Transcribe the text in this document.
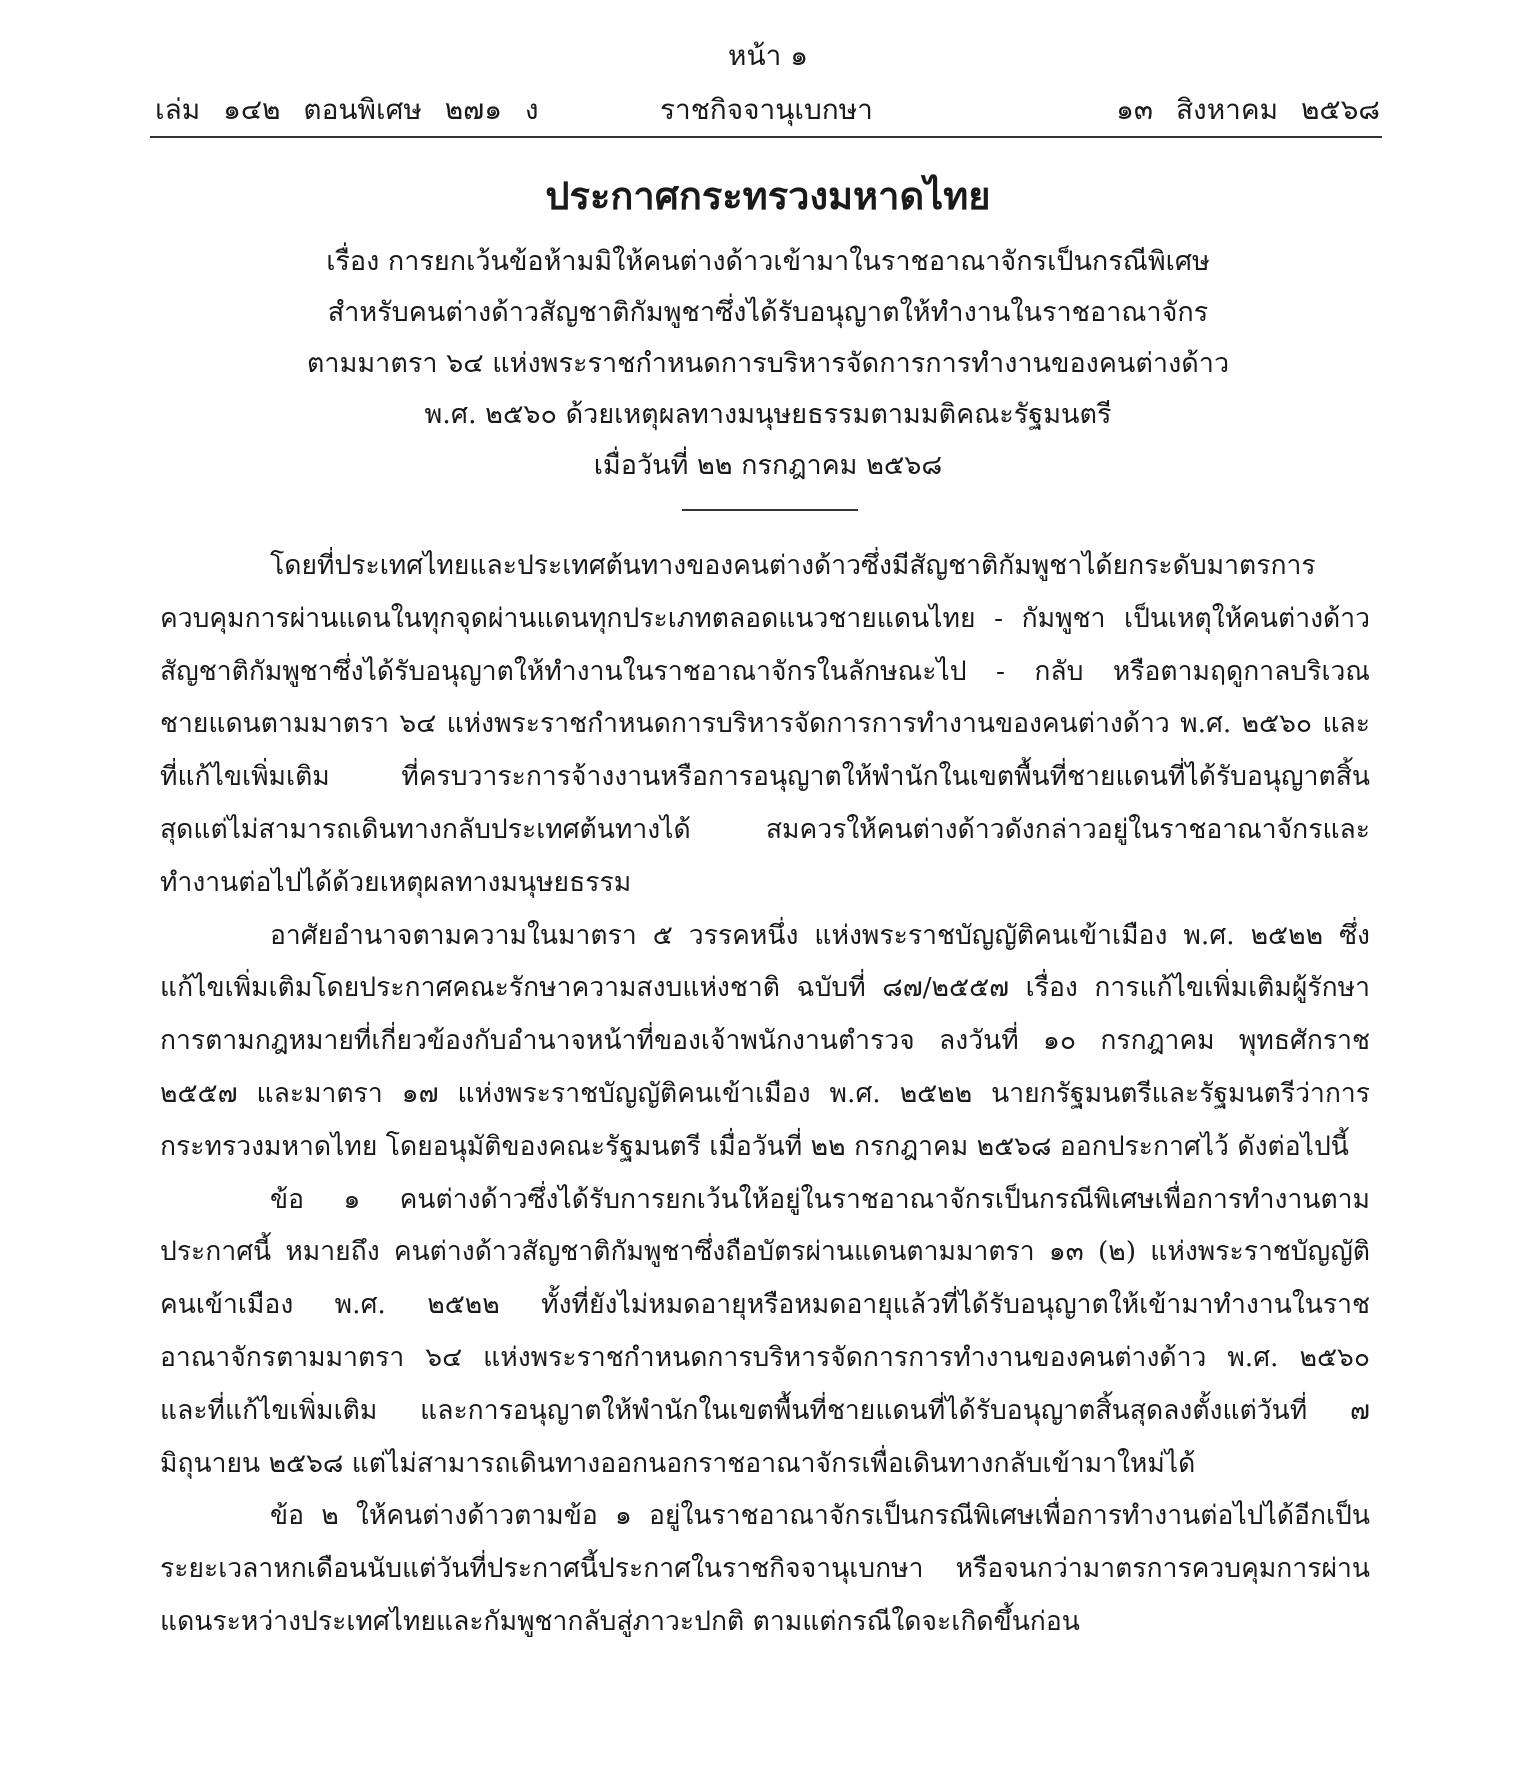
หน้า ๑
เล่ม ๑๔๒ ตอนพิเศษ ๒๗๑ ง	ราชกิจจานุเบกษา	๑๓ สิงหาคม ๒๕๖๘
ประกาศกระทรวงมหาดไทย
เรื่อง การยกเว้นข้อห้ามมิให้คนต่างด้าวเข้ามาในราชอาณาจักรเป็นกรณีพิเศษ
สำหรับคนต่างด้าวสัญชาติกัมพูชาซึ่งได้รับอนุญาตให้ทำงานในราชอาณาจักร
ตามมาตรา ๖๔ แห่งพระราชกำหนดการบริหารจัดการการทำงานของคนต่างด้าว
พ.ศ. ๒๕๖๐ ด้วยเหตุผลทางมนุษยธรรมตามมติคณะรัฐมนตรี
เมื่อวันที่ ๒๒ กรกฎาคม ๒๕๖๘

โดยที่ประเทศไทยและประเทศต้นทางของคนต่างด้าวซึ่งมีสัญชาติกัมพูชาได้ยกระดับมาตรการควบคุมการผ่านแดนในทุกจุดผ่านแดนทุกประเภทตลอดแนวชายแดนไทย - กัมพูชา เป็นเหตุให้คนต่างด้าวสัญชาติกัมพูชาซึ่งได้รับอนุญาตให้ทำงานในราชอาณาจักรในลักษณะไป - กลับ หรือตามฤดูกาลบริเวณชายแดนตามมาตรา ๖๔ แห่งพระราชกำหนดการบริหารจัดการการทำงานของคนต่างด้าว พ.ศ. ๒๕๖๐ และที่แก้ไขเพิ่มเติม ที่ครบวาระการจ้างงานหรือการอนุญาตให้พำนักในเขตพื้นที่ชายแดนที่ได้รับอนุญาตสิ้นสุดแต่ไม่สามารถเดินทางกลับประเทศต้นทางได้ สมควรให้คนต่างด้าวดังกล่าวอยู่ในราชอาณาจักรและทำงานต่อไปได้ด้วยเหตุผลทางมนุษยธรรม

อาศัยอำนาจตามความในมาตรา ๕ วรรคหนึ่ง แห่งพระราชบัญญัติคนเข้าเมือง พ.ศ. ๒๕๒๒ ซึ่งแก้ไขเพิ่มเติมโดยประกาศคณะรักษาความสงบแห่งชาติ ฉบับที่ ๘๗/๒๕๕๗ เรื่อง การแก้ไขเพิ่มเติมผู้รักษาการตามกฎหมายที่เกี่ยวข้องกับอำนาจหน้าที่ของเจ้าพนักงานตำรวจ ลงวันที่ ๑๐ กรกฎาคม พุทธศักราช ๒๕๕๗ และมาตรา ๑๗ แห่งพระราชบัญญัติคนเข้าเมือง พ.ศ. ๒๕๒๒ นายกรัฐมนตรีและรัฐมนตรีว่าการกระทรวงมหาดไทย โดยอนุมัติของคณะรัฐมนตรี เมื่อวันที่ ๒๒ กรกฎาคม ๒๕๖๘ ออกประกาศไว้ ดังต่อไปนี้

ข้อ ๑ คนต่างด้าวซึ่งได้รับการยกเว้นให้อยู่ในราชอาณาจักรเป็นกรณีพิเศษเพื่อการทำงานตามประกาศนี้ หมายถึง คนต่างด้าวสัญชาติกัมพูชาซึ่งถือบัตรผ่านแดนตามมาตรา ๑๓ (๒) แห่งพระราชบัญญัติคนเข้าเมือง พ.ศ. ๒๕๒๒ ทั้งที่ยังไม่หมดอายุหรือหมดอายุแล้วที่ได้รับอนุญาตให้เข้ามาทำงานในราชอาณาจักรตามมาตรา ๖๔ แห่งพระราชกำหนดการบริหารจัดการการทำงานของคนต่างด้าว พ.ศ. ๒๕๖๐ และที่แก้ไขเพิ่มเติม และการอนุญาตให้พำนักในเขตพื้นที่ชายแดนที่ได้รับอนุญาตสิ้นสุดลงตั้งแต่วันที่ ๗ มิถุนายน ๒๕๖๘ แต่ไม่สามารถเดินทางออกนอกราชอาณาจักรเพื่อเดินทางกลับเข้ามาใหม่ได้

ข้อ ๒ ให้คนต่างด้าวตามข้อ ๑ อยู่ในราชอาณาจักรเป็นกรณีพิเศษเพื่อการทำงานต่อไปได้อีกเป็นระยะเวลาหกเดือนนับแต่วันที่ประกาศนี้ประกาศในราชกิจจานุเบกษา หรือจนกว่ามาตรการควบคุมการผ่านแดนระหว่างประเทศไทยและกัมพูชากลับสู่ภาวะปกติ ตามแต่กรณีใดจะเกิดขึ้นก่อน
